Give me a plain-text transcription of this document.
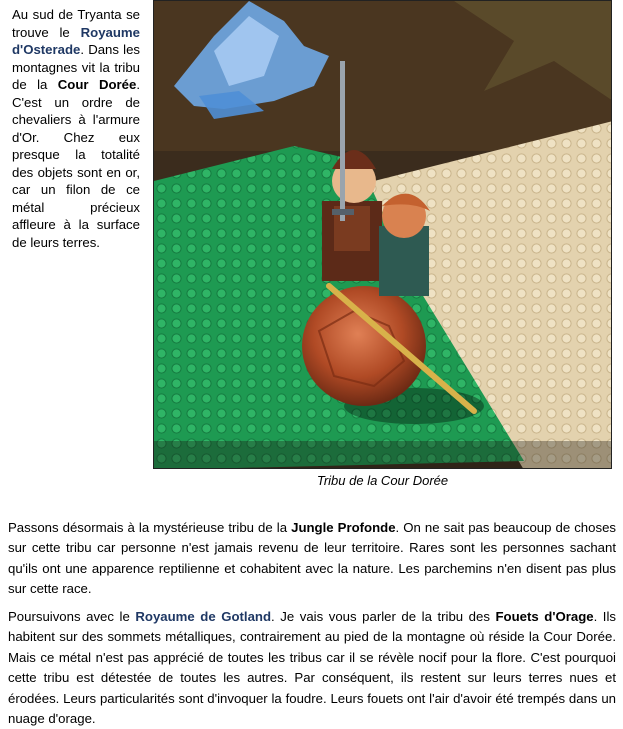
Au sud de Tryanta se trouve le Royaume d'Osterade. Dans les montagnes vit la tribu de la Cour Dorée. C'est un ordre de chevaliers à l'armure d'Or. Chez eux presque la totalité des objets sont en or, car un filon de ce métal précieux affleure à la surface de leurs terres.
Tribu de la Cour Dorée

Passons désormais à la mystérieuse tribu de la Jungle Profonde. On ne sait pas beaucoup de choses sur cette tribu car personne n'est jamais revenu de leur territoire. Rares sont les personnes sachant qu'ils ont une apparence reptilienne et cohabitent avec la nature. Les parchemins n'en disent pas plus sur cette race.

Poursuivons avec le Royaume de Gotland. Je vais vous parler de la tribu des Fouets d'Orage. Ils habitent sur des sommets métalliques, contrairement au pied de la montagne où réside la Cour Dorée. Mais ce métal n'est pas apprécié de toutes les tribus car il se révèle nocif pour la flore. C'est pourquoi cette tribu est détestée de toutes les autres. Par conséquent, ils restent sur leurs terres nues et érodées. Leurs particularités sont d'invoquer la foudre. Leurs fouets ont l'air d'avoir été trempés dans un nuage d'orage.
